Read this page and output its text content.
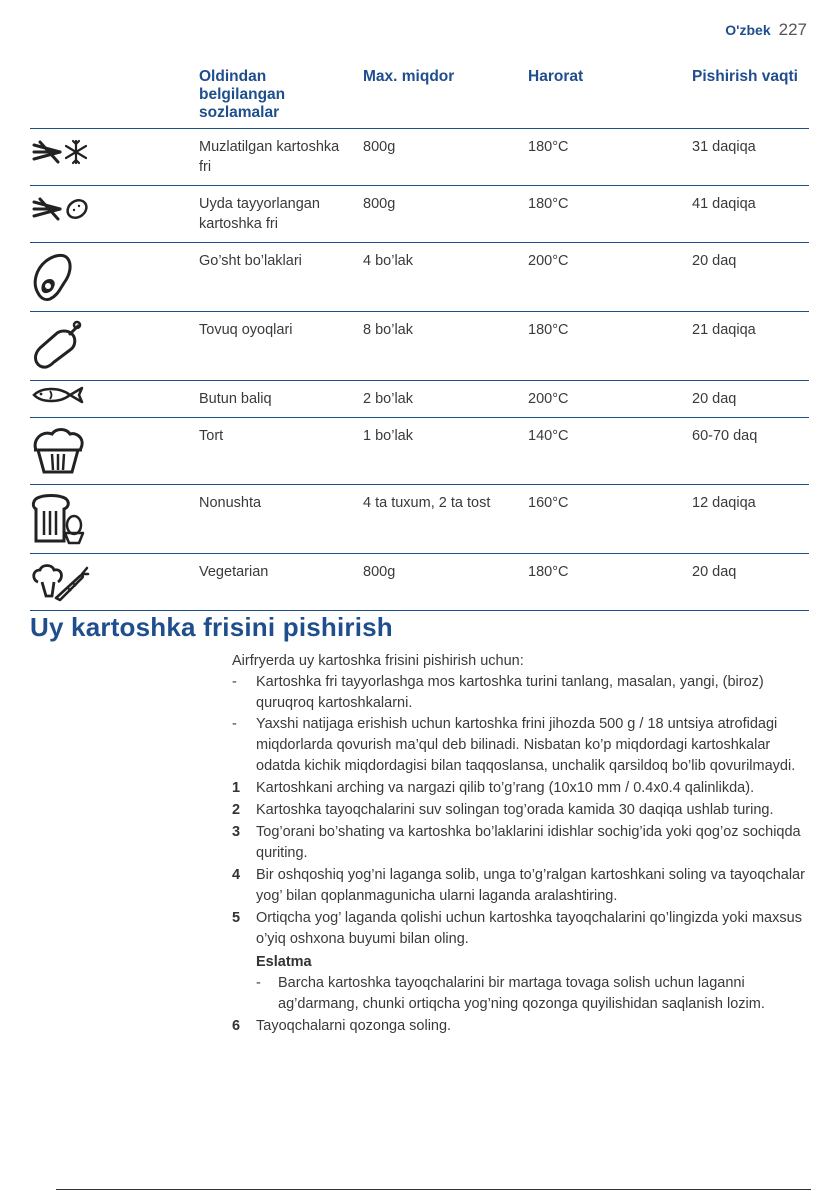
O'zbek 227
	Oldindan belgilangan sozlamalar	Max. miqdor	Harorat	Pishirish vaqti

	Muzlatilgan kartoshka fri	800g	180°C	31 daqiqa

	Uyda tayyorlangan kartoshka fri	800g	180°C	41 daqiqa

	Go’sht bo’laklari	4 bo’lak	200°C	20 daq

	Tovuq oyoqlari	8 bo’lak	180°C	21 daqiqa

	Butun baliq	2 bo’lak	200°C	20 daq

	Tort	1 bo’lak	140°C	60-70 daq

	Nonushta	4 ta tuxum, 2 ta tost	160°C	12 daqiqa

	Vegetarian	800g	180°C	20 daq
Uy kartoshka frisini pishirish

Airfryerda uy kartoshka frisini pishirish uchun:

-	Kartoshka fri tayyorlashga mos kartoshka turini tanlang, masalan, yangi, (biroz) quruqroq kartoshkalarni.
-	Yaxshi natijaga erishish uchun kartoshka frini jihozda 500 g / 18 untsiya atrofidagi miqdorlarda qovurish ma’qul deb bilinadi. Nisbatan ko’p miqdordagi kartoshkalar odatda kichik miqdordagisi bilan taqqoslansa, unchalik qarsildoq bo’lib qovurilmaydi.
1	Kartoshkani arching va nargazi qilib to’g’rang (10x10 mm / 0.4x0.4 qalinlikda).
2	Kartoshka tayoqchalarini suv solingan tog’orada kamida 30 daqiqa ushlab turing.
3	Tog’orani bo’shating va kartoshka bo’laklarini idishlar sochig’ida yoki qog’oz sochiqda quriting.
4	Bir oshqoshiq yog’ni laganga solib, unga to’g’ralgan kartoshkani soling va tayoqchalar yog’ bilan qoplanmagunicha ularni laganda aralashtiring.
5	Ortiqcha yog’ laganda qolishi uchun kartoshka tayoqchalarini qo’lingizda yoki maxsus o’yiq oshxona buyumi bilan oling.
Eslatma
-	Barcha kartoshka tayoqchalarini bir martaga tovaga solish uchun laganni ag’darmang, chunki ortiqcha yog’ning qozonga quyilishidan saqlanish lozim.
6	Tayoqchalarni qozonga soling.
